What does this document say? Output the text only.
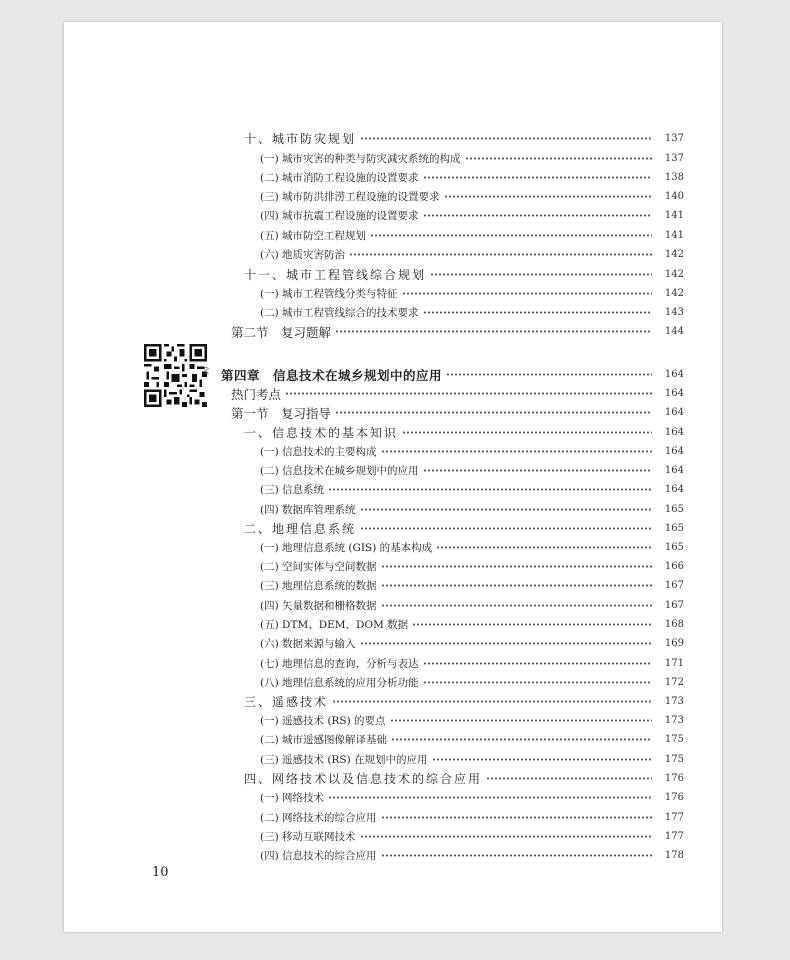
十、城市防灾规划	137
(一) 城市灾害的种类与防灾减灾系统的构成	137
(二) 城市消防工程设施的设置要求	138
(三) 城市防洪排涝工程设施的设置要求	140
(四) 城市抗震工程设施的设置要求	141
(五) 城市防空工程规划	141
(六) 地质灾害防治	142
十一、城市工程管线综合规划	142
(一) 城市工程管线分类与特征	142
(二) 城市工程管线综合的技术要求	143
第二节　复习题解	144
第四章　信息技术在城乡规划中的应用	164
热门考点	164
第一节　复习指导	164
一、信息技术的基本知识	164
(一) 信息技术的主要构成	164
(二) 信息技术在城乡规划中的应用	164
(三) 信息系统	164
(四) 数据库管理系统	165
二、地理信息系统	165
(一) 地理信息系统 (GIS) 的基本构成	165
(二) 空间实体与空间数据	166
(三) 地理信息系统的数据	167
(四) 矢量数据和栅格数据	167
(五) DTM、DEM、DOM 数据	168
(六) 数据来源与输入	169
(七) 地理信息的查询、分析与表达	171
(八) 地理信息系统的应用分析功能	172
三、遥感技术	173
(一) 遥感技术 (RS) 的要点	173
(二) 城市遥感图像解译基础	175
(三) 遥感技术 (RS) 在规划中的应用	175
四、网络技术以及信息技术的综合应用	176
(一) 网络技术	176
(二) 网络技术的综合应用	177
(三) 移动互联网技术	177
(四) 信息技术的综合应用	178
04
10
